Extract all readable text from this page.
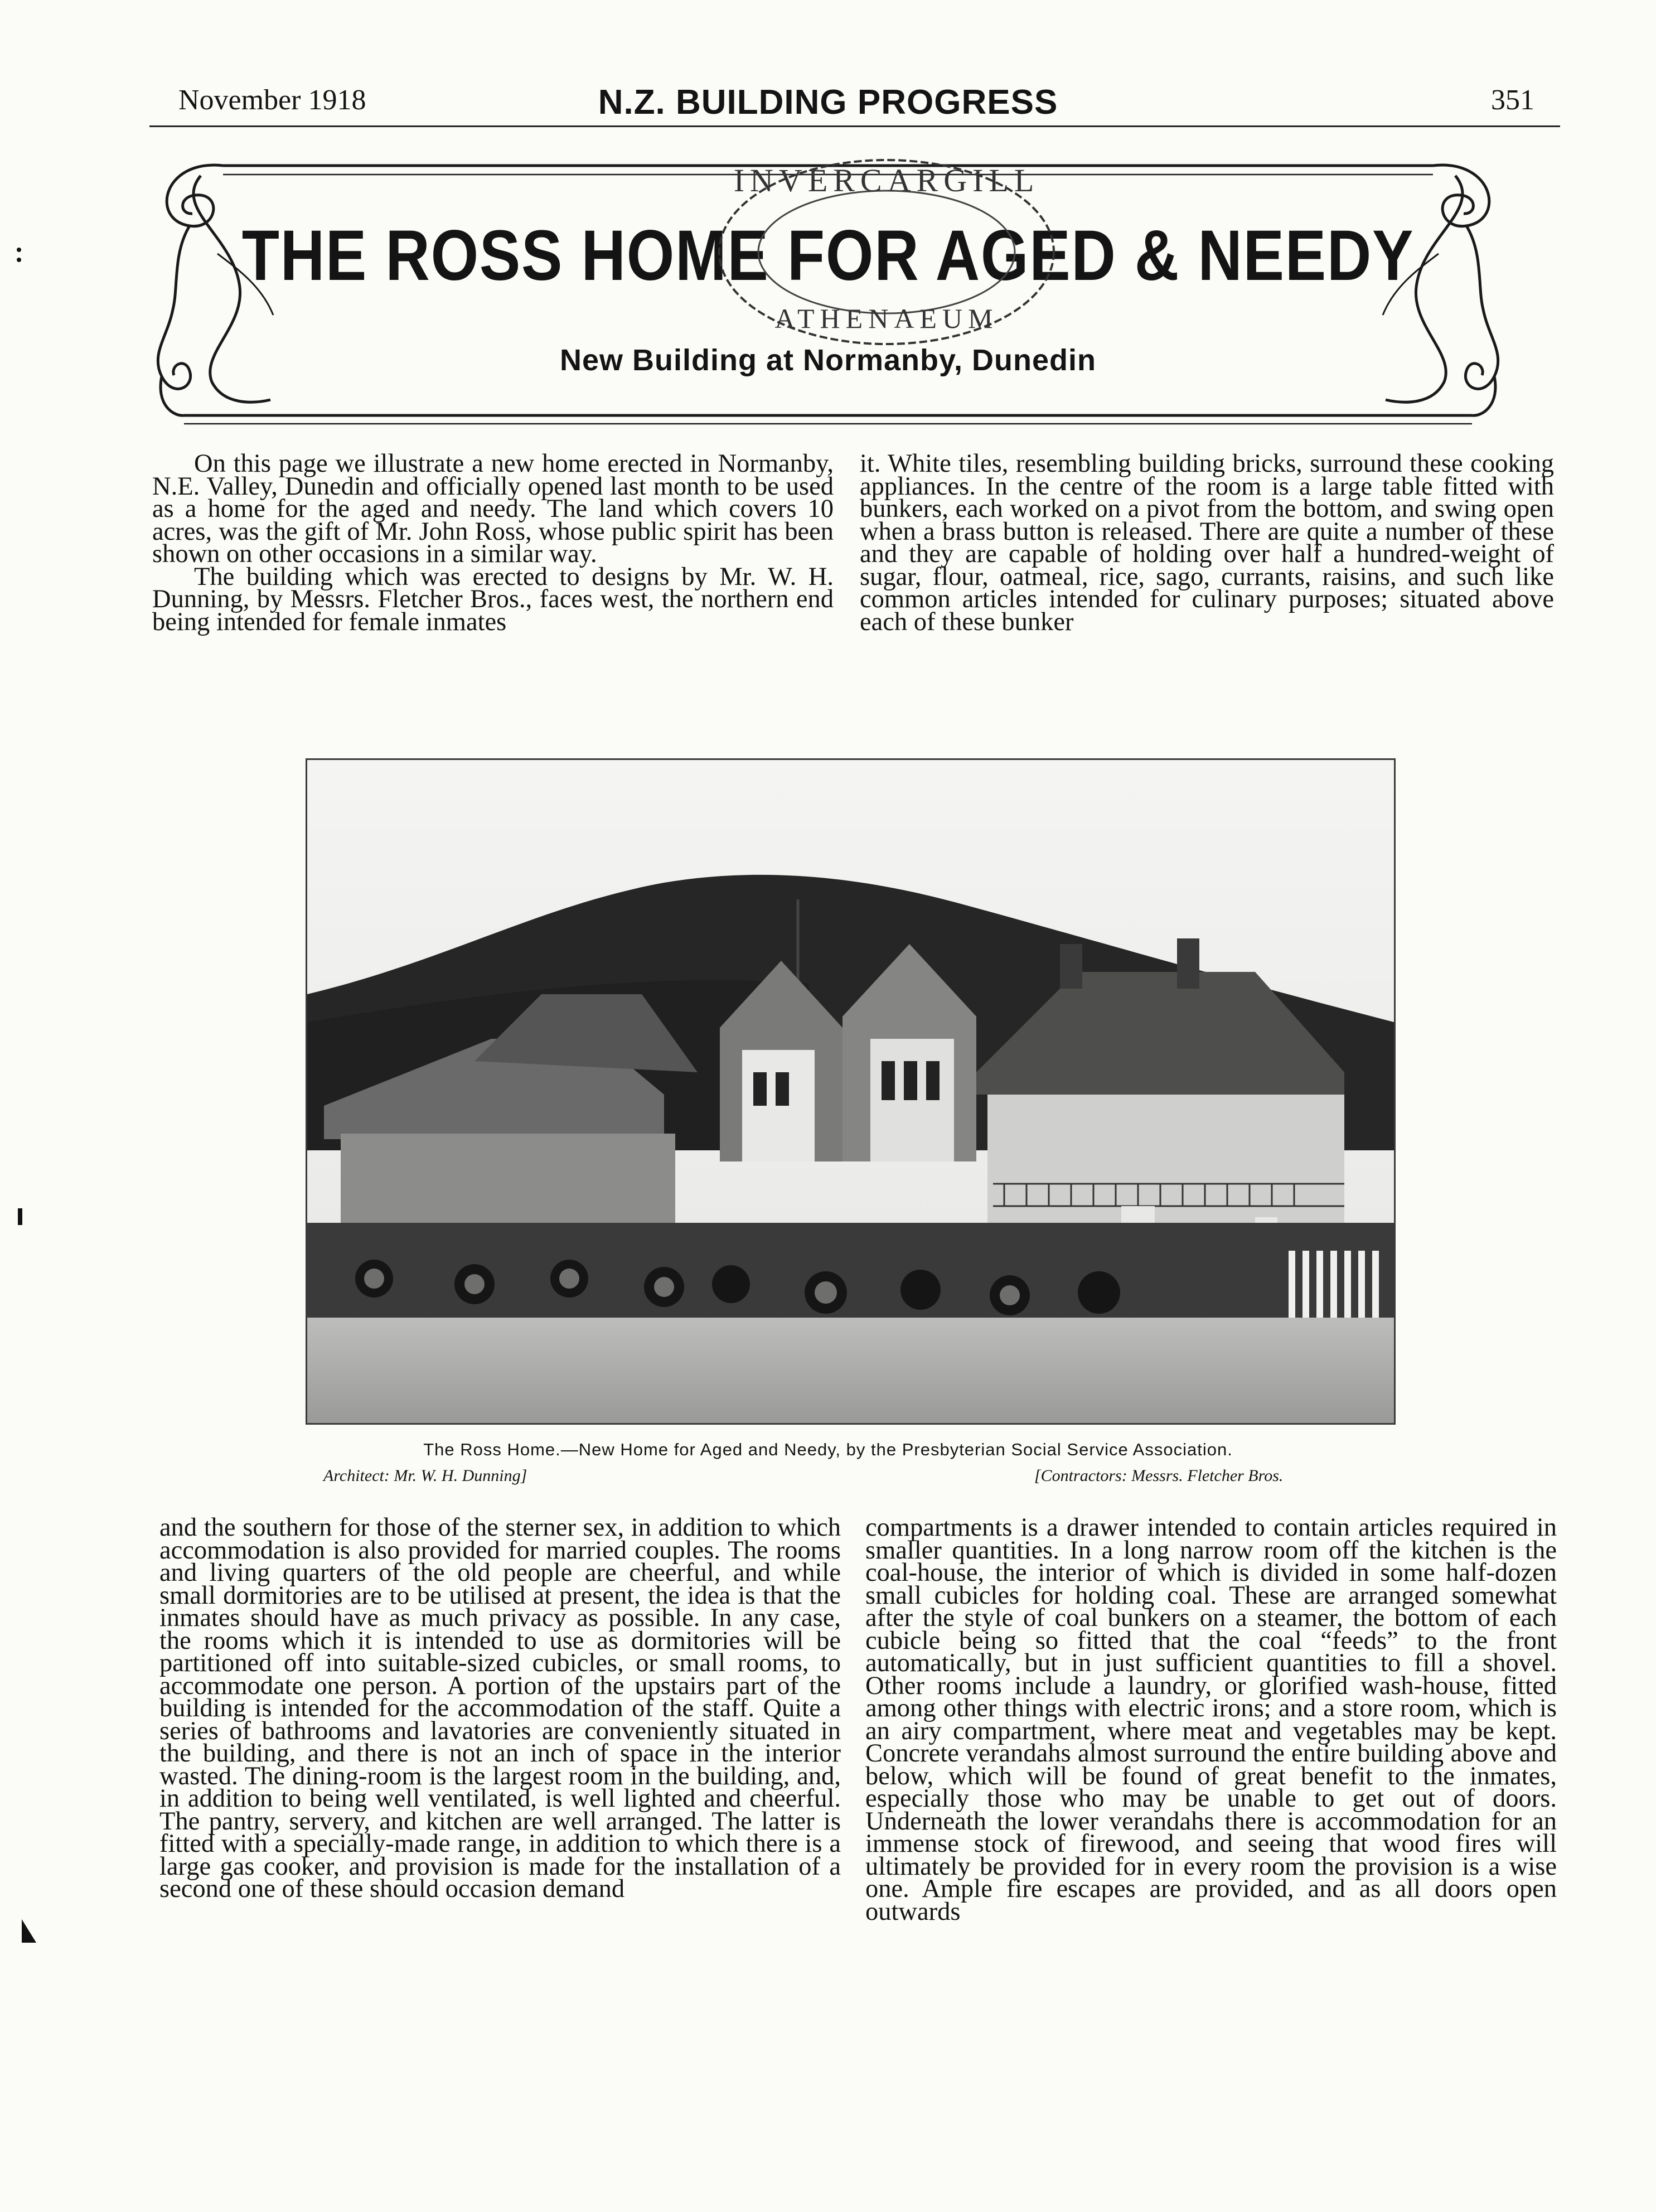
November 1918	N.Z. BUILDING PROGRESS	351
THE ROSS HOME FOR AGED & NEEDY
New Building at Normanby, Dunedin
INVERCARGILL
ATHENAEUM

On this page we illustrate a new home erected in Normanby, N.E. Valley, Dunedin and officially opened last month to be used as a home for the aged and needy. The land which covers 10 acres, was the gift of Mr. John Ross, whose public spirit has been shown on other occasions in a similar way.

The building which was erected to designs by Mr. W. H. Dunning, by Messrs. Fletcher Bros., faces west, the northern end being intended for female inmates

it. White tiles, resembling building bricks, surround these cooking appliances. In the centre of the room is a large table fitted with bunkers, each worked on a pivot from the bottom, and swing open when a brass button is released. There are quite a number of these and they are capable of holding over half a hundred-weight of sugar, flour, oatmeal, rice, sago, currants, raisins, and such like common articles intended for culinary purposes; situated above each of these bunker

The Ross Home.—New Home for Aged and Needy, by the Presbyterian Social Service Association.
Architect: Mr. W. H. Dunning]	[Contractors: Messrs. Fletcher Bros.

and the southern for those of the sterner sex, in addition to which accommodation is also provided for married couples. The rooms and living quarters of the old people are cheerful, and while small dormitories are to be utilised at present, the idea is that the inmates should have as much privacy as possible. In any case, the rooms which it is intended to use as dormitories will be partitioned off into suitable-sized cubicles, or small rooms, to accommodate one person. A portion of the upstairs part of the building is intended for the accommodation of the staff. Quite a series of bathrooms and lavatories are conveniently situated in the building, and there is not an inch of space in the interior wasted. The dining-room is the largest room in the building, and, in addition to being well ventilated, is well lighted and cheerful. The pantry, servery, and kitchen are well arranged. The latter is fitted with a specially-made range, in addition to which there is a large gas cooker, and provision is made for the installation of a second one of these should occasion demand

compartments is a drawer intended to contain articles required in smaller quantities. In a long narrow room off the kitchen is the coal-house, the interior of which is divided in some half-dozen small cubicles for holding coal. These are arranged somewhat after the style of coal bunkers on a steamer, the bottom of each cubicle being so fitted that the coal “feeds” to the front automatically, but in just sufficient quantities to fill a shovel. Other rooms include a laundry, or glorified wash-house, fitted among other things with electric irons; and a store room, which is an airy compartment, where meat and vegetables may be kept. Concrete verandahs almost surround the entire building above and below, which will be found of great benefit to the inmates, especially those who may be unable to get out of doors. Underneath the lower verandahs there is accommodation for an immense stock of firewood, and seeing that wood fires will ultimately be provided for in every room the provision is a wise one. Ample fire escapes are provided, and as all doors open outwards
